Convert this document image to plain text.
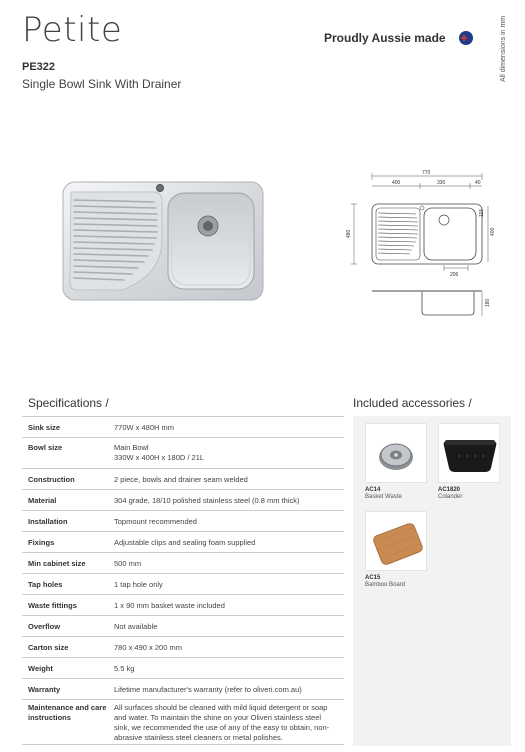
Petite	Proudly Aussie made	All dimensions in mm
PE322
Single Bowl Sink With Drainer
770
400	330	40
480	400
115
206
180
Specifications /	Included accessories /
Sink size	770W x 480H mm
Bowl size	Main Bowl
330W x 400H x 180D / 21L
Construction	2 piece, bowls and drainer seam welded
Material	304 grade, 18/10 polished stainless steel (0.8 mm thick)
Installation	Topmount recommended
Fixings	Adjustable clips and sealing foam supplied
Min cabinet size	500 mm
Tap holes	1 tap hole only
Waste fittings	1 x 90 mm basket waste included
Overflow	Not available
Carton size	780 x 490 x 200 mm
Weight	5.5 kg
Warranty	Lifetime manufacturer's warranty (refer to oliveri.com.au)
Maintenance and care instructions
All surfaces should be cleaned with mild liquid detergent or soap and water. To maintain the shine on your Oliveri stainless steel sink, we recommended the use of any of the easy to obtain, non-abrasive stainless steel cleaners or metal polishes.
AC14
Basket Waste
AC1820
Colander
AC15
Bamboo Board
